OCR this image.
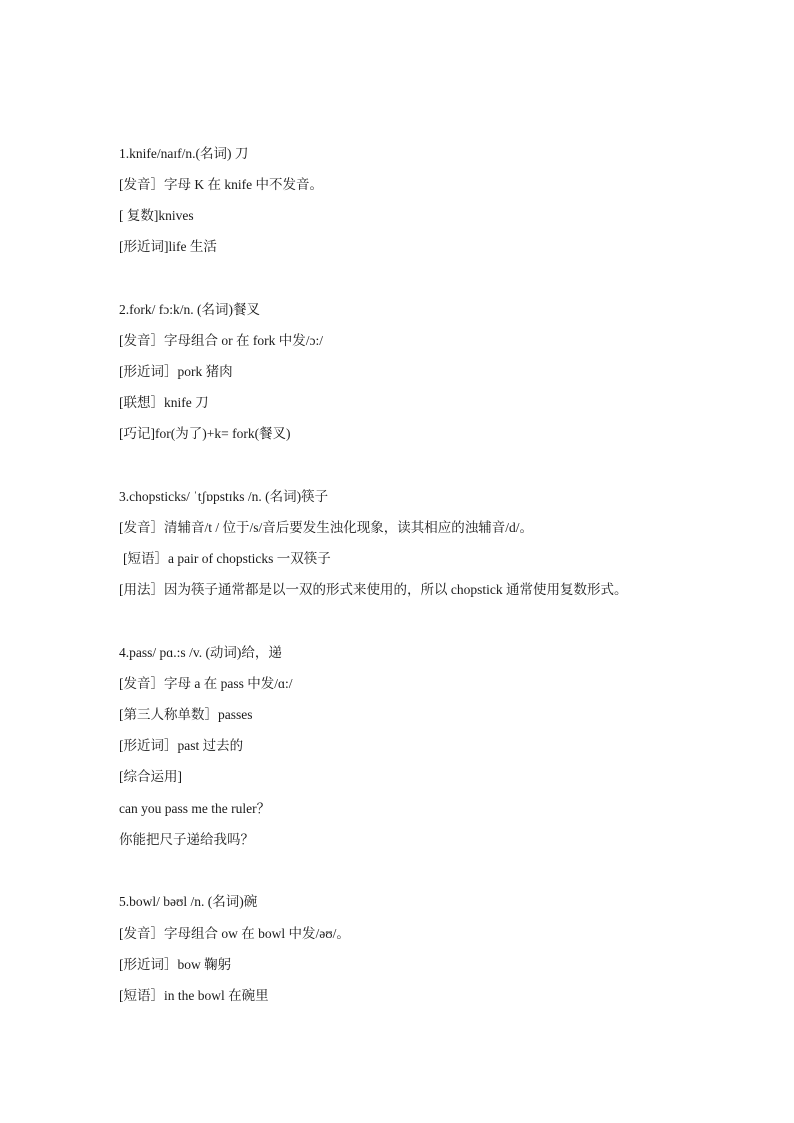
1.knife/naɪf/n.(名词) 刀

[发音］字母 K 在 knife 中不发音。

[ 复数]knives

[形近词]life 生活

2.fork/ fɔ:k/n. (名词)餐叉

[发音］字母组合 or 在 fork 中发/ɔ:/

[形近词］pork 猪肉

[联想］knife 刀

[巧记]for(为了)+k= fork(餐叉)

3.chopsticks/ ˈtʃɒpstɪks /n. (名词)筷子

[发音］清辅音/t / 位于/s/音后要发生浊化现象，读其相应的浊辅音/d/。

[短语］a pair of chopsticks 一双筷子

[用法］因为筷子通常都是以一双的形式来使用的，所以 chopstick 通常使用复数形式。

4.pass/ pɑ.:s /v. (动词)给，递

[发音］字母 a 在 pass 中发/ɑ:/

[第三人称单数］passes

[形近词］past 过去的

[综合运用]

can you pass me the ruler？

你能把尺子递给我吗？

5.bowl/ bəʊl /n. (名词)碗

[发音］字母组合 ow 在 bowl 中发/əʊ/。

[形近词］bow 鞠躬

[短语］in the bowl 在碗里
